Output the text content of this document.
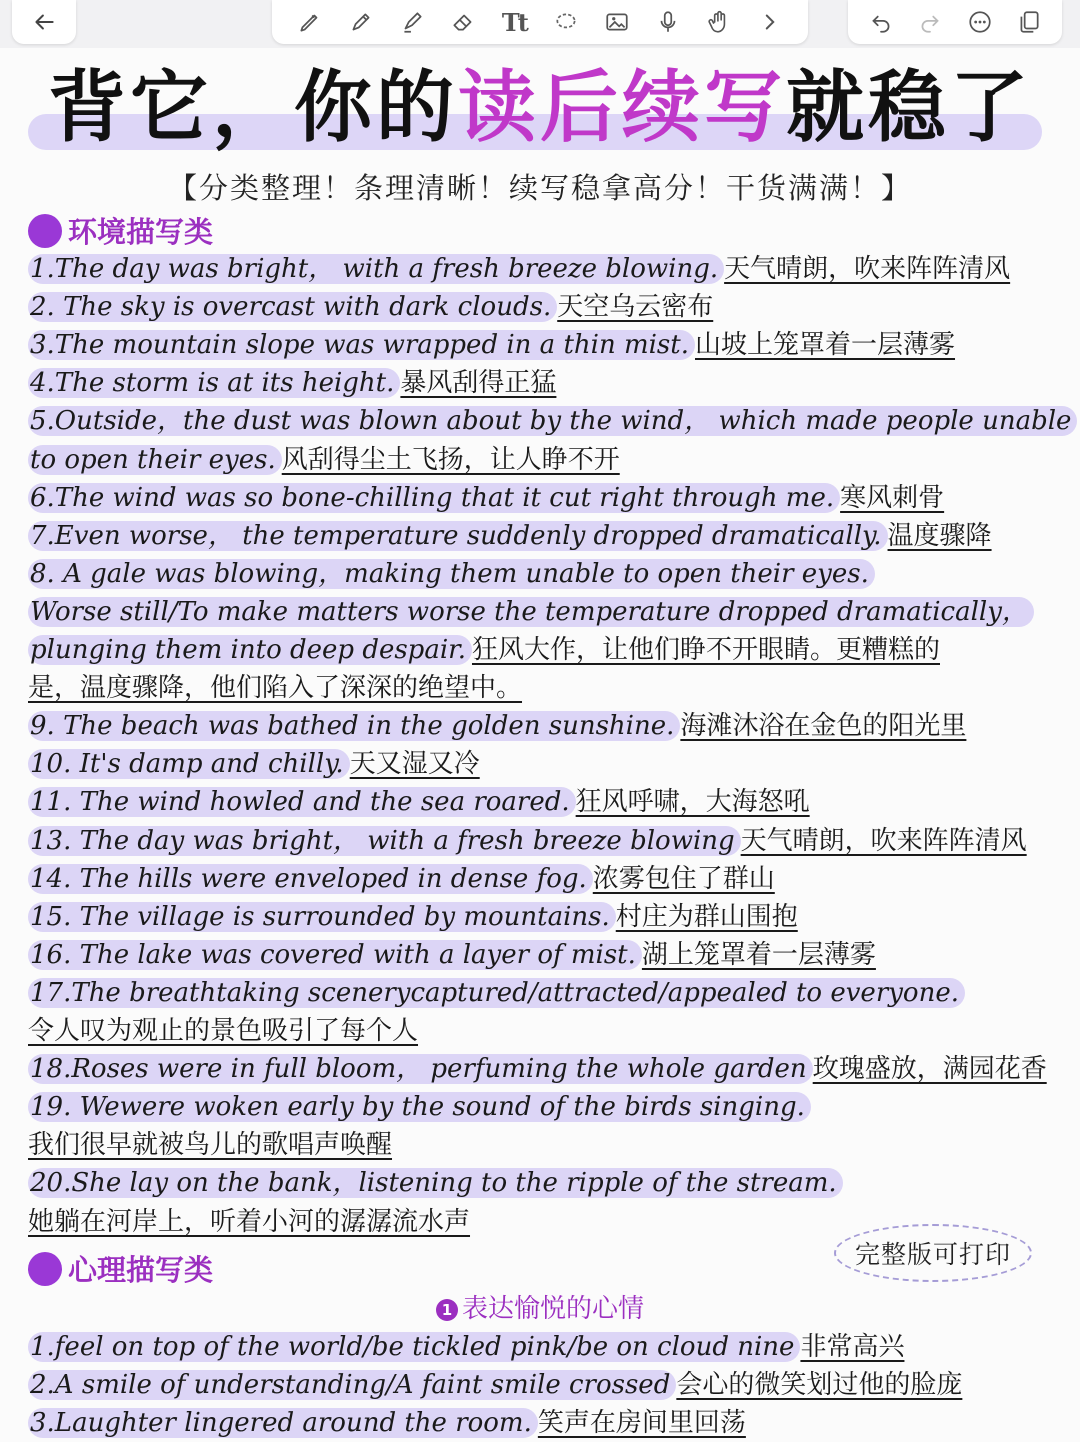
Tt
背它，你的读后续写就稳了
【分类整理！条理清晰！续写稳拿高分！干货满满！】
环境描写类
1.The day was bright， with a fresh breeze blowing. 天气晴朗，吹来阵阵清风
2. The sky is overcast with dark clouds. 天空乌云密布
3.The mountain slope was wrapped in a thin mist. 山坡上笼罩着一层薄雾
4.The storm is at its height. 暴风刮得正猛
5.Outside，the dust was blown about by the wind， which made people unable
to open their eyes. 风刮得尘土飞扬，让人睁不开
6.The wind was so bone-chilling that it cut right through me. 寒风刺骨
7.Even worse， the temperature suddenly dropped dramatically. 温度骤降
8. A gale was blowing，making them unable to open their eyes.
Worse still/To make matters worse the temperature dropped dramatically，
plunging them into deep despair. 狂风大作，让他们睁不开眼睛。更糟糕的
是，温度骤降，他们陷入了深深的绝望中。
9. The beach was bathed in the golden sunshine. 海滩沐浴在金色的阳光里
10. It's damp and chilly. 天又湿又冷
11. The wind howled and the sea roared. 狂风呼啸，大海怒吼
13. The day was bright， with a fresh breeze blowing 天气晴朗，吹来阵阵清风
14. The hills were enveloped in dense fog. 浓雾包住了群山
15. The village is surrounded by mountains. 村庄为群山围抱
16. The lake was covered with a layer of mist. 湖上笼罩着一层薄雾
17.The breathtaking scenerycaptured/attracted/appealed to everyone.
令人叹为观止的景色吸引了每个人
18.Roses were in full bloom， perfuming the whole garden 玫瑰盛放，满园花香
19. Wewere woken early by the sound of the birds singing.
我们很早就被鸟儿的歌唱声唤醒
20.She lay on the bank，listening to the ripple of the stream.
她躺在河岸上，听着小河的潺潺流水声
完整版可打印
心理描写类
1 表达愉悦的心情
1.feel on top of the world/be tickled pink/be on cloud nine 非常高兴
2.A smile of understanding/A faint smile crossed 会心的微笑划过他的脸庞
3.Laughter lingered around the room. 笑声在房间里回荡
